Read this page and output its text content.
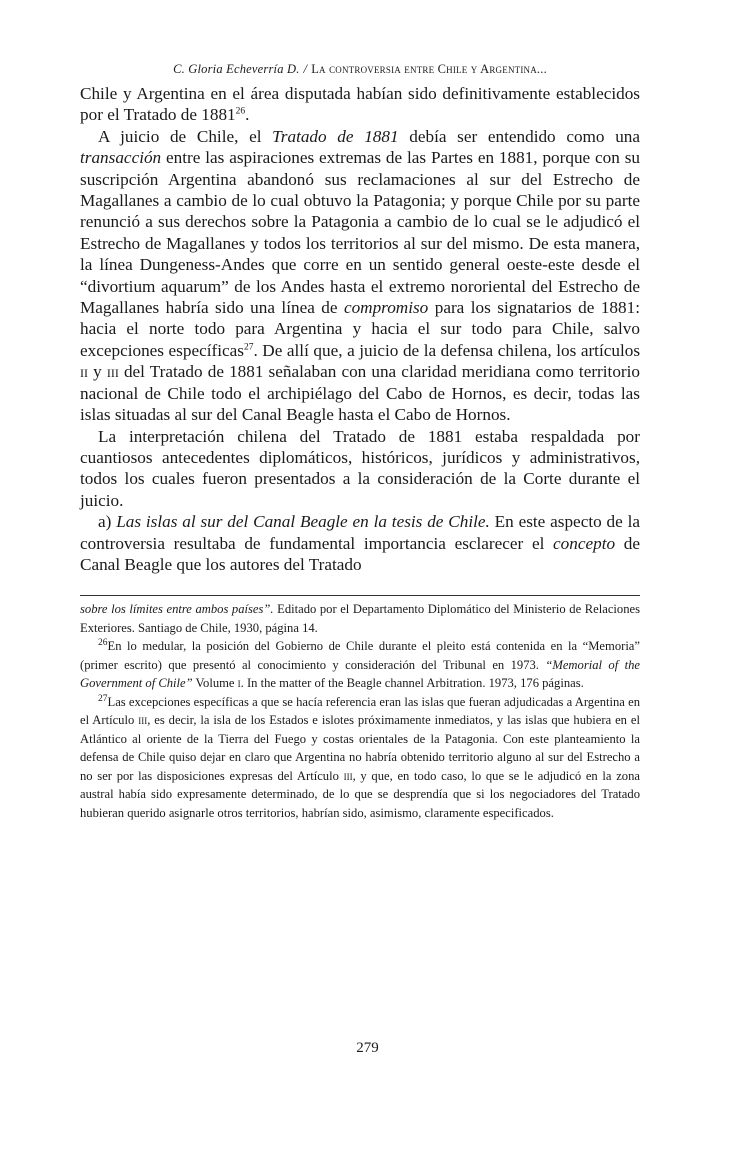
C. Gloria Echeverría D. / La controversia entre Chile y Argentina...

Chile y Argentina en el área disputada habían sido definitivamente establecidos por el Tratado de 1881$^{26}$.

A juicio de Chile, el Tratado de 1881 debía ser entendido como una transacción entre las aspiraciones extremas de las Partes en 1881, porque con su suscripción Argentina abandonó sus reclamaciones al sur del Estrecho de Magallanes a cambio de lo cual obtuvo la Patagonia; y porque Chile por su parte renunció a sus derechos sobre la Patagonia a cambio de lo cual se le adjudicó el Estrecho de Magallanes y todos los territorios al sur del mismo. De esta manera, la línea Dungeness-Andes que corre en un sentido general oeste-este desde el “divortium aquarum” de los Andes hasta el extremo nororiental del Estrecho de Magallanes habría sido una línea de compromiso para los signatarios de 1881: hacia el norte todo para Argentina y hacia el sur todo para Chile, salvo excepciones específicas$^{27}$. De allí que, a juicio de la defensa chilena, los artículos ii y iii del Tratado de 1881 señalaban con una claridad meridiana como territorio nacional de Chile todo el archipiélago del Cabo de Hornos, es decir, todas las islas situadas al sur del Canal Beagle hasta el Cabo de Hornos.

La interpretación chilena del Tratado de 1881 estaba respaldada por cuantiosos antecedentes diplomáticos, históricos, jurídicos y administrativos, todos los cuales fueron presentados a la consideración de la Corte durante el juicio.

a) Las islas al sur del Canal Beagle en la tesis de Chile. En este aspecto de la controversia resultaba de fundamental importancia esclarecer el concepto de Canal Beagle que los autores del Tratado

sobre los límites entre ambos países”. Editado por el Departamento Diplomático del Ministerio de Relaciones Exteriores. Santiago de Chile, 1930, página 14.

$^{26}$En lo medular, la posición del Gobierno de Chile durante el pleito está contenida en la “Memoria” (primer escrito) que presentó al conocimiento y consideración del Tribunal en 1973. “Memorial of the Government of Chile” Volume i. In the matter of the Beagle channel Arbitration. 1973, 176 páginas.

$^{27}$Las excepciones específicas a que se hacía referencia eran las islas que fueran adjudicadas a Argentina en el Artículo iii, es decir, la isla de los Estados e islotes próximamente inmediatos, y las islas que hubiera en el Atlántico al oriente de la Tierra del Fuego y costas orientales de la Patagonia. Con este planteamiento la defensa de Chile quiso dejar en claro que Argentina no habría obtenido territorio alguno al sur del Estrecho a no ser por las disposiciones expresas del Artículo iii, y que, en todo caso, lo que se le adjudicó en la zona austral había sido expresamente determinado, de lo que se desprendía que si los negociadores del Tratado hubieran querido asignarle otros territorios, habrían sido, asimismo, claramente especificados.

279
